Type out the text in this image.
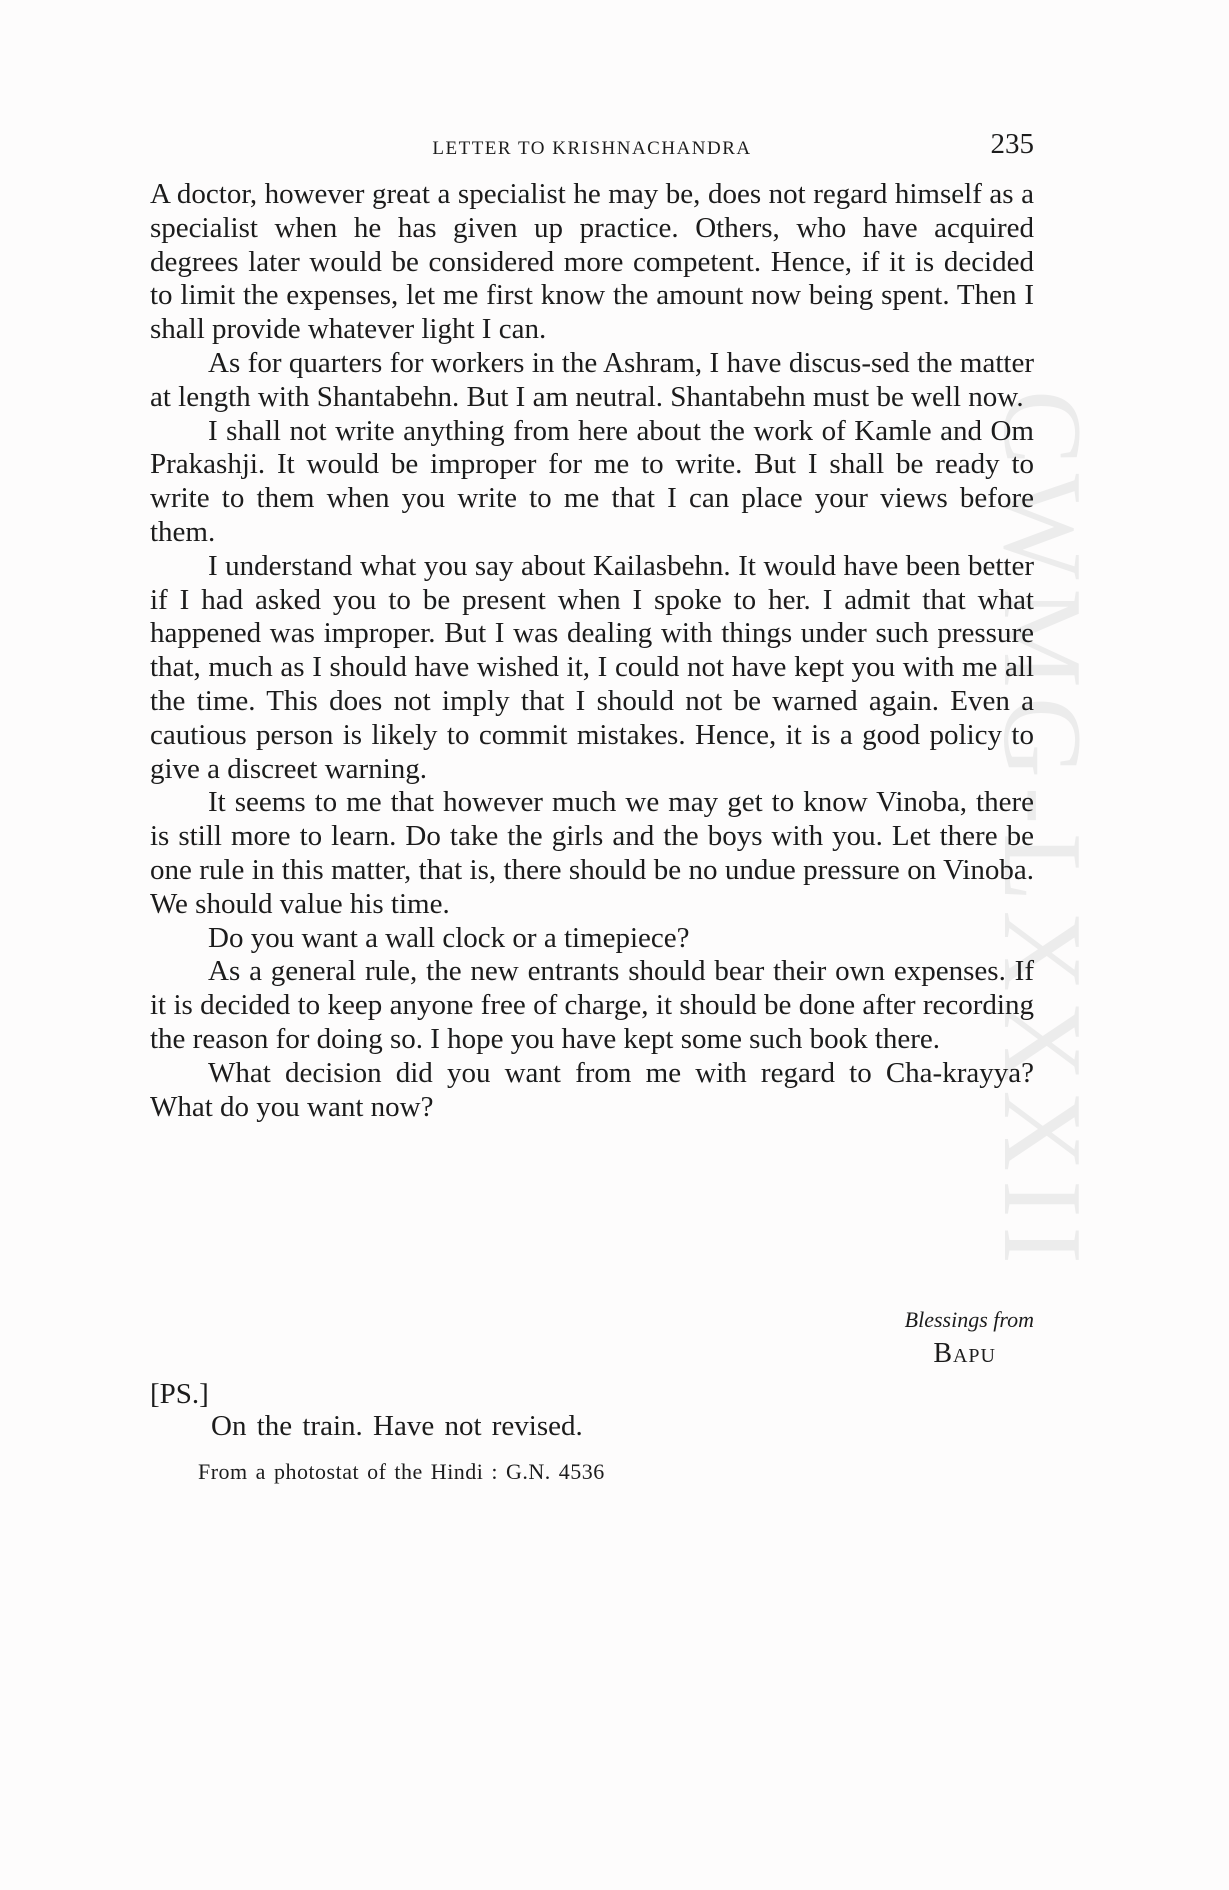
CWMG-LXXXII
LETTER TO KRISHNACHANDRA	235

A doctor, however great a specialist he may be, does not regard himself as a specialist when he has given up practice. Others, who have acquired degrees later would be considered more competent. Hence, if it is decided to limit the expenses, let me first know the amount now being spent. Then I shall provide whatever light I can.

As for quarters for workers in the Ashram, I have discus-sed the matter at length with Shantabehn. But I am neutral. Shantabehn must be well now.

I shall not write anything from here about the work of Kamle and Om Prakashji. It would be improper for me to write. But I shall be ready to write to them when you write to me that I can place your views before them.

I understand what you say about Kailasbehn. It would have been better if I had asked you to be present when I spoke to her. I admit that what happened was improper. But I was dealing with things under such pressure that, much as I should have wished it, I could not have kept you with me all the time. This does not imply that I should not be warned again. Even a cautious person is likely to commit mistakes. Hence, it is a good policy to give a discreet warning.

It seems to me that however much we may get to know Vinoba, there is still more to learn. Do take the girls and the boys with you. Let there be one rule in this matter, that is, there should be no undue pressure on Vinoba. We should value his time.

Do you want a wall clock or a timepiece?

As a general rule, the new entrants should bear their own expenses. If it is decided to keep anyone free of charge, it should be done after recording the reason for doing so. I hope you have kept some such book there.

What decision did you want from me with regard to Cha-krayya? What do you want now?

Blessings from
Bapu
[PS.]
On the train. Have not revised.
From a photostat of the Hindi : G.N. 4536
